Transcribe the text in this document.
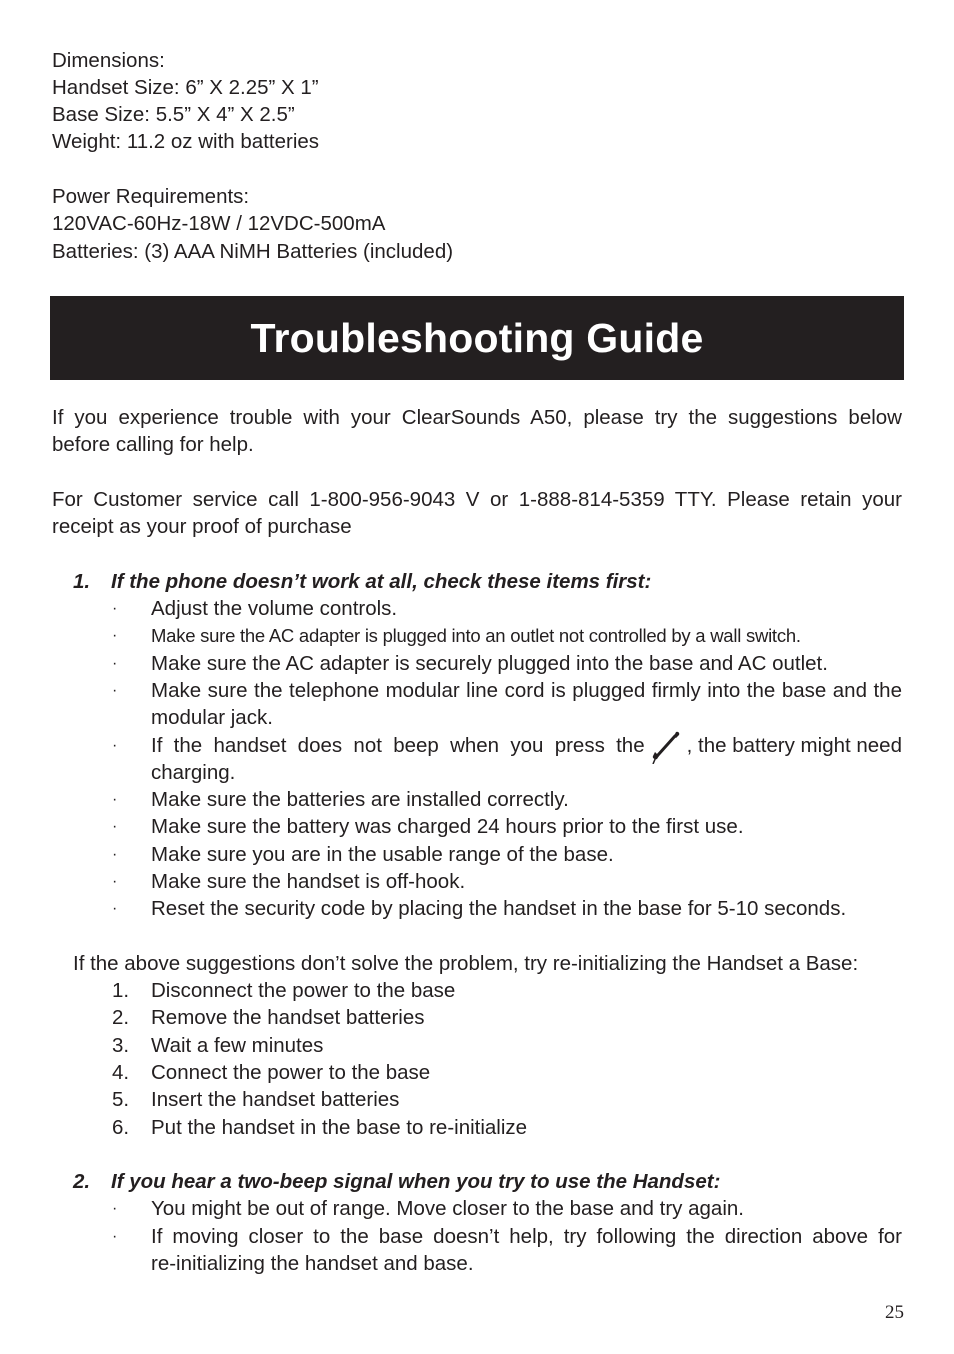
Dimensions:
Handset Size: 6” X 2.25” X 1”
Base Size: 5.5” X 4” X 2.5”
Weight: 11.2 oz with batteries
Power Requirements:
120VAC-60Hz-18W / 12VDC-500mA
Batteries: (3) AAA NiMH Batteries (included)
Troubleshooting Guide
If you experience trouble with your ClearSounds A50, please try the suggestions below
before calling for help.
For Customer service call 1-800-956-9043 V or 1-888-814-5359 TTY. Please retain your
receipt as your proof of purchase
1. If the phone doesn’t work at all, check these items first:
· Adjust the volume controls.
· Make sure the AC adapter is plugged into an outlet not controlled by a wall switch.
· Make sure the AC adapter is securely plugged into the base and AC outlet.
· Make sure the telephone modular line cord is plugged firmly into the base and the
modular jack.
· If the handset does not beep when you press the , the battery might need
charging.
· Make sure the batteries are installed correctly.
· Make sure the battery was charged 24 hours prior to the first use.
· Make sure you are in the usable range of the base.
· Make sure the handset is off-hook.
· Reset the security code by placing the handset in the base for 5-10 seconds.
If the above suggestions don’t solve the problem, try re-initializing the Handset a Base:
1. Disconnect the power to the base
2. Remove the handset batteries
3. Wait a few minutes
4. Connect the power to the base
5. Insert the handset batteries
6. Put the handset in the base to re-initialize
2. If you hear a two-beep signal when you try to use the Handset:
· You might be out of range. Move closer to the base and try again.
· If moving closer to the base doesn’t help, try following the direction above for
re-initializing the handset and base.
25
